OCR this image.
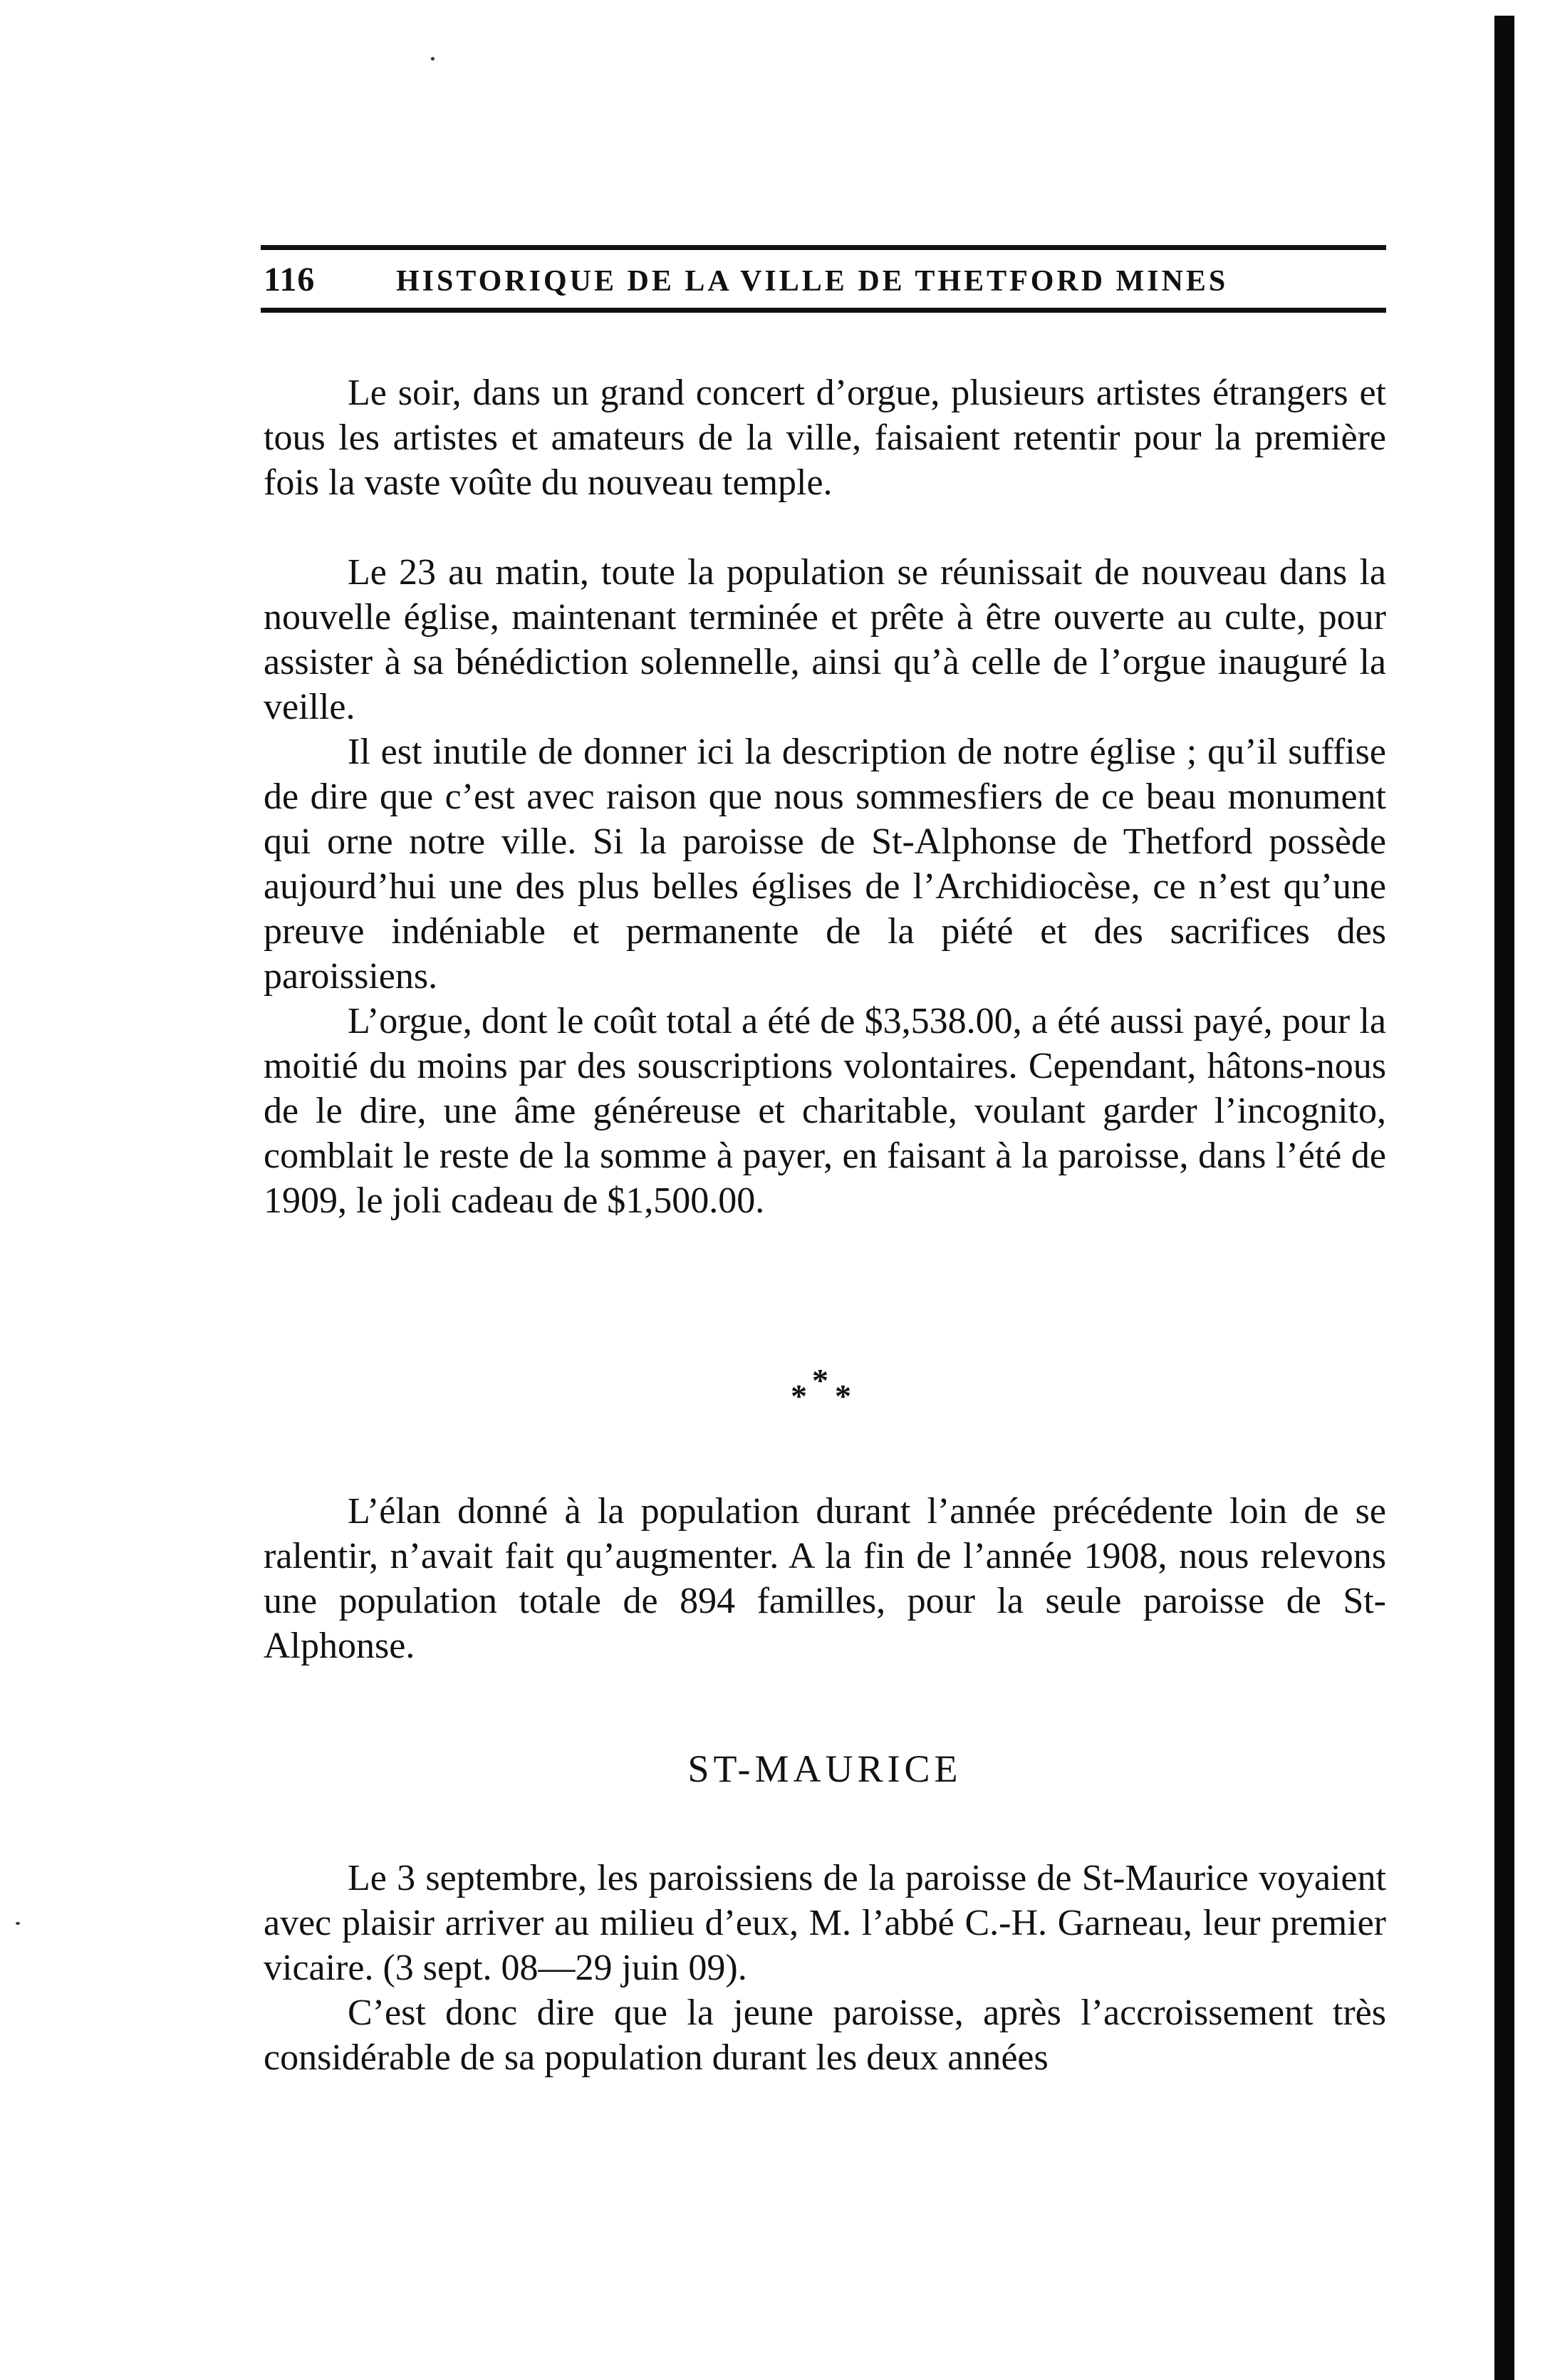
116	HISTORIQUE DE LA VILLE DE THETFORD MINES

Le soir, dans un grand concert d’orgue, plusieurs artistes étrangers et tous les artistes et amateurs de la ville, faisaient retentir pour la première fois la vaste voûte du nouveau temple.

Le 23 au matin, toute la population se réunissait de nouveau dans la nouvelle église, maintenant terminée et prête à être ouverte au culte, pour assister à sa bénédiction solennelle, ainsi qu’à celle de l’orgue inauguré la veille.

Il est inutile de donner ici la description de notre église ; qu’il suffise de dire que c’est avec raison que nous sommesfiers de ce beau monument qui orne notre ville. Si la paroisse de St-Alphonse de Thetford possède aujourd’hui une des plus belles églises de l’Archidiocèse, ce n’est qu’une preuve indéniable et permanente de la piété et des sacrifices des paroissiens.

L’orgue, dont le coût total a été de $3,538.00, a été aussi payé, pour la moitié du moins par des souscriptions volontaires. Cependant, hâtons-nous de le dire, une âme généreuse et charitable, voulant garder l’incognito, comblait le reste de la somme à payer, en faisant à la paroisse, dans l’été de 1909, le joli cadeau de $1,500.00.

*
* *

L’élan donné à la population durant l’année précédente loin de se ralentir, n’avait fait qu’augmenter. A la fin de l’année 1908, nous relevons une population totale de 894 familles, pour la seule paroisse de St-Alphonse.

ST-MAURICE

Le 3 septembre, les paroissiens de la paroisse de St-Maurice voyaient avec plaisir arriver au milieu d’eux, M. l’abbé C.-H. Garneau, leur premier vicaire. (3 sept. 08—29 juin 09).

C’est donc dire que la jeune paroisse, après l’accroissement très considérable de sa population durant les deux années
